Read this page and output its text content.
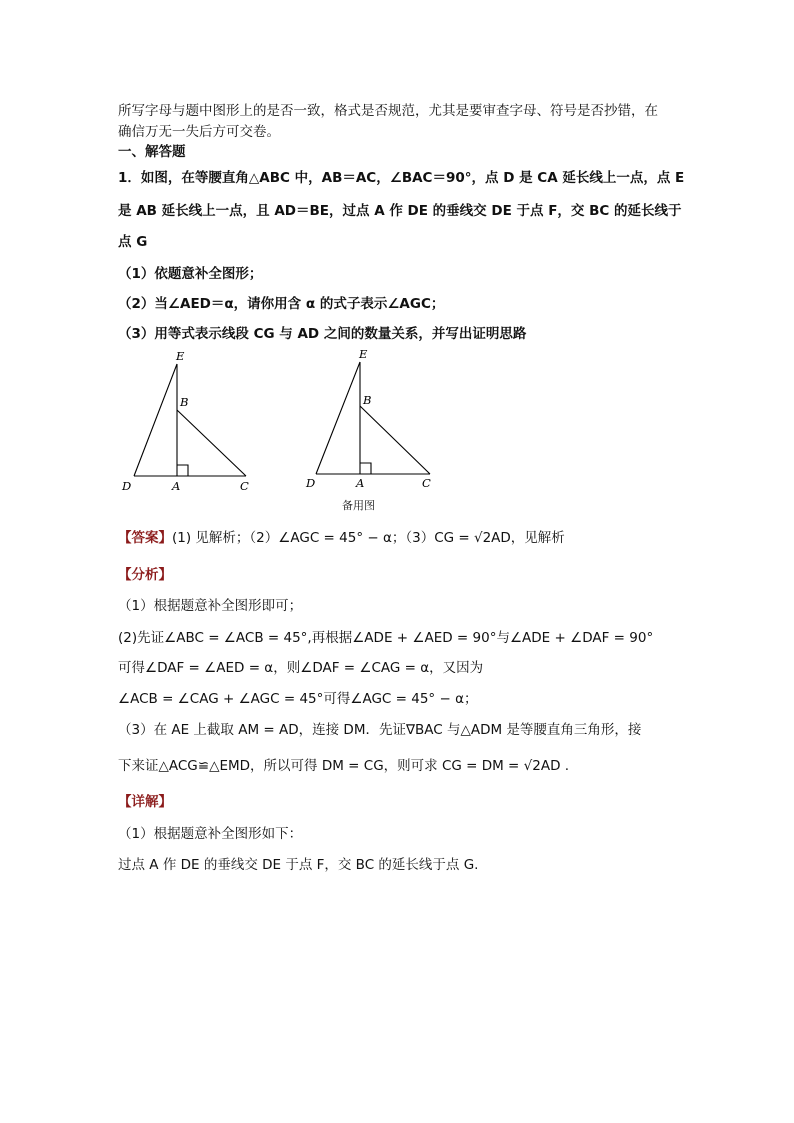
所写字母与题中图形上的是否一致，格式是否规范，尤其是要审查字母、符号是否抄错，在
确信万无一失后方可交卷。
一、解答题
1．如图，在等腰直角△ABC 中，AB＝AC，∠BAC＝90°，点 D 是 CA 延长线上一点，点 E
是 AB 延长线上一点，且 AD＝BE，过点 A 作 DE 的垂线交 DE 于点 F，交 BC 的延长线于
点 G
（1）依题意补全图形；
（2）当∠AED＝α，请你用含 α 的式子表示∠AGC；
（3）用等式表示线段 CG 与 AD 之间的数量关系，并写出证明思路
E
B
D	A	C
E
B
D	A	C
备用图
【答案】(1) 见解析；（2）∠AGC = 45° − α；（3）CG = √2AD，见解析
【分析】
（1）根据题意补全图形即可；
(2)先证∠ABC = ∠ACB = 45°,再根据∠ADE + ∠AED = 90°与∠ADE + ∠DAF = 90°
可得∠DAF = ∠AED = α，则∠DAF = ∠CAG = α，又因为
∠ACB = ∠CAG + ∠AGC = 45°可得∠AGC = 45° − α；
（3）在 AE 上截取 AM = AD，连接 DM．先证∇BAC 与△ADM 是等腰直角三角形，接
下来证△ACG≌△EMD，所以可得 DM = CG，则可求 CG = DM = √2AD .
【详解】
（1）根据题意补全图形如下：
过点 A 作 DE 的垂线交 DE 于点 F，交 BC 的延长线于点 G.
